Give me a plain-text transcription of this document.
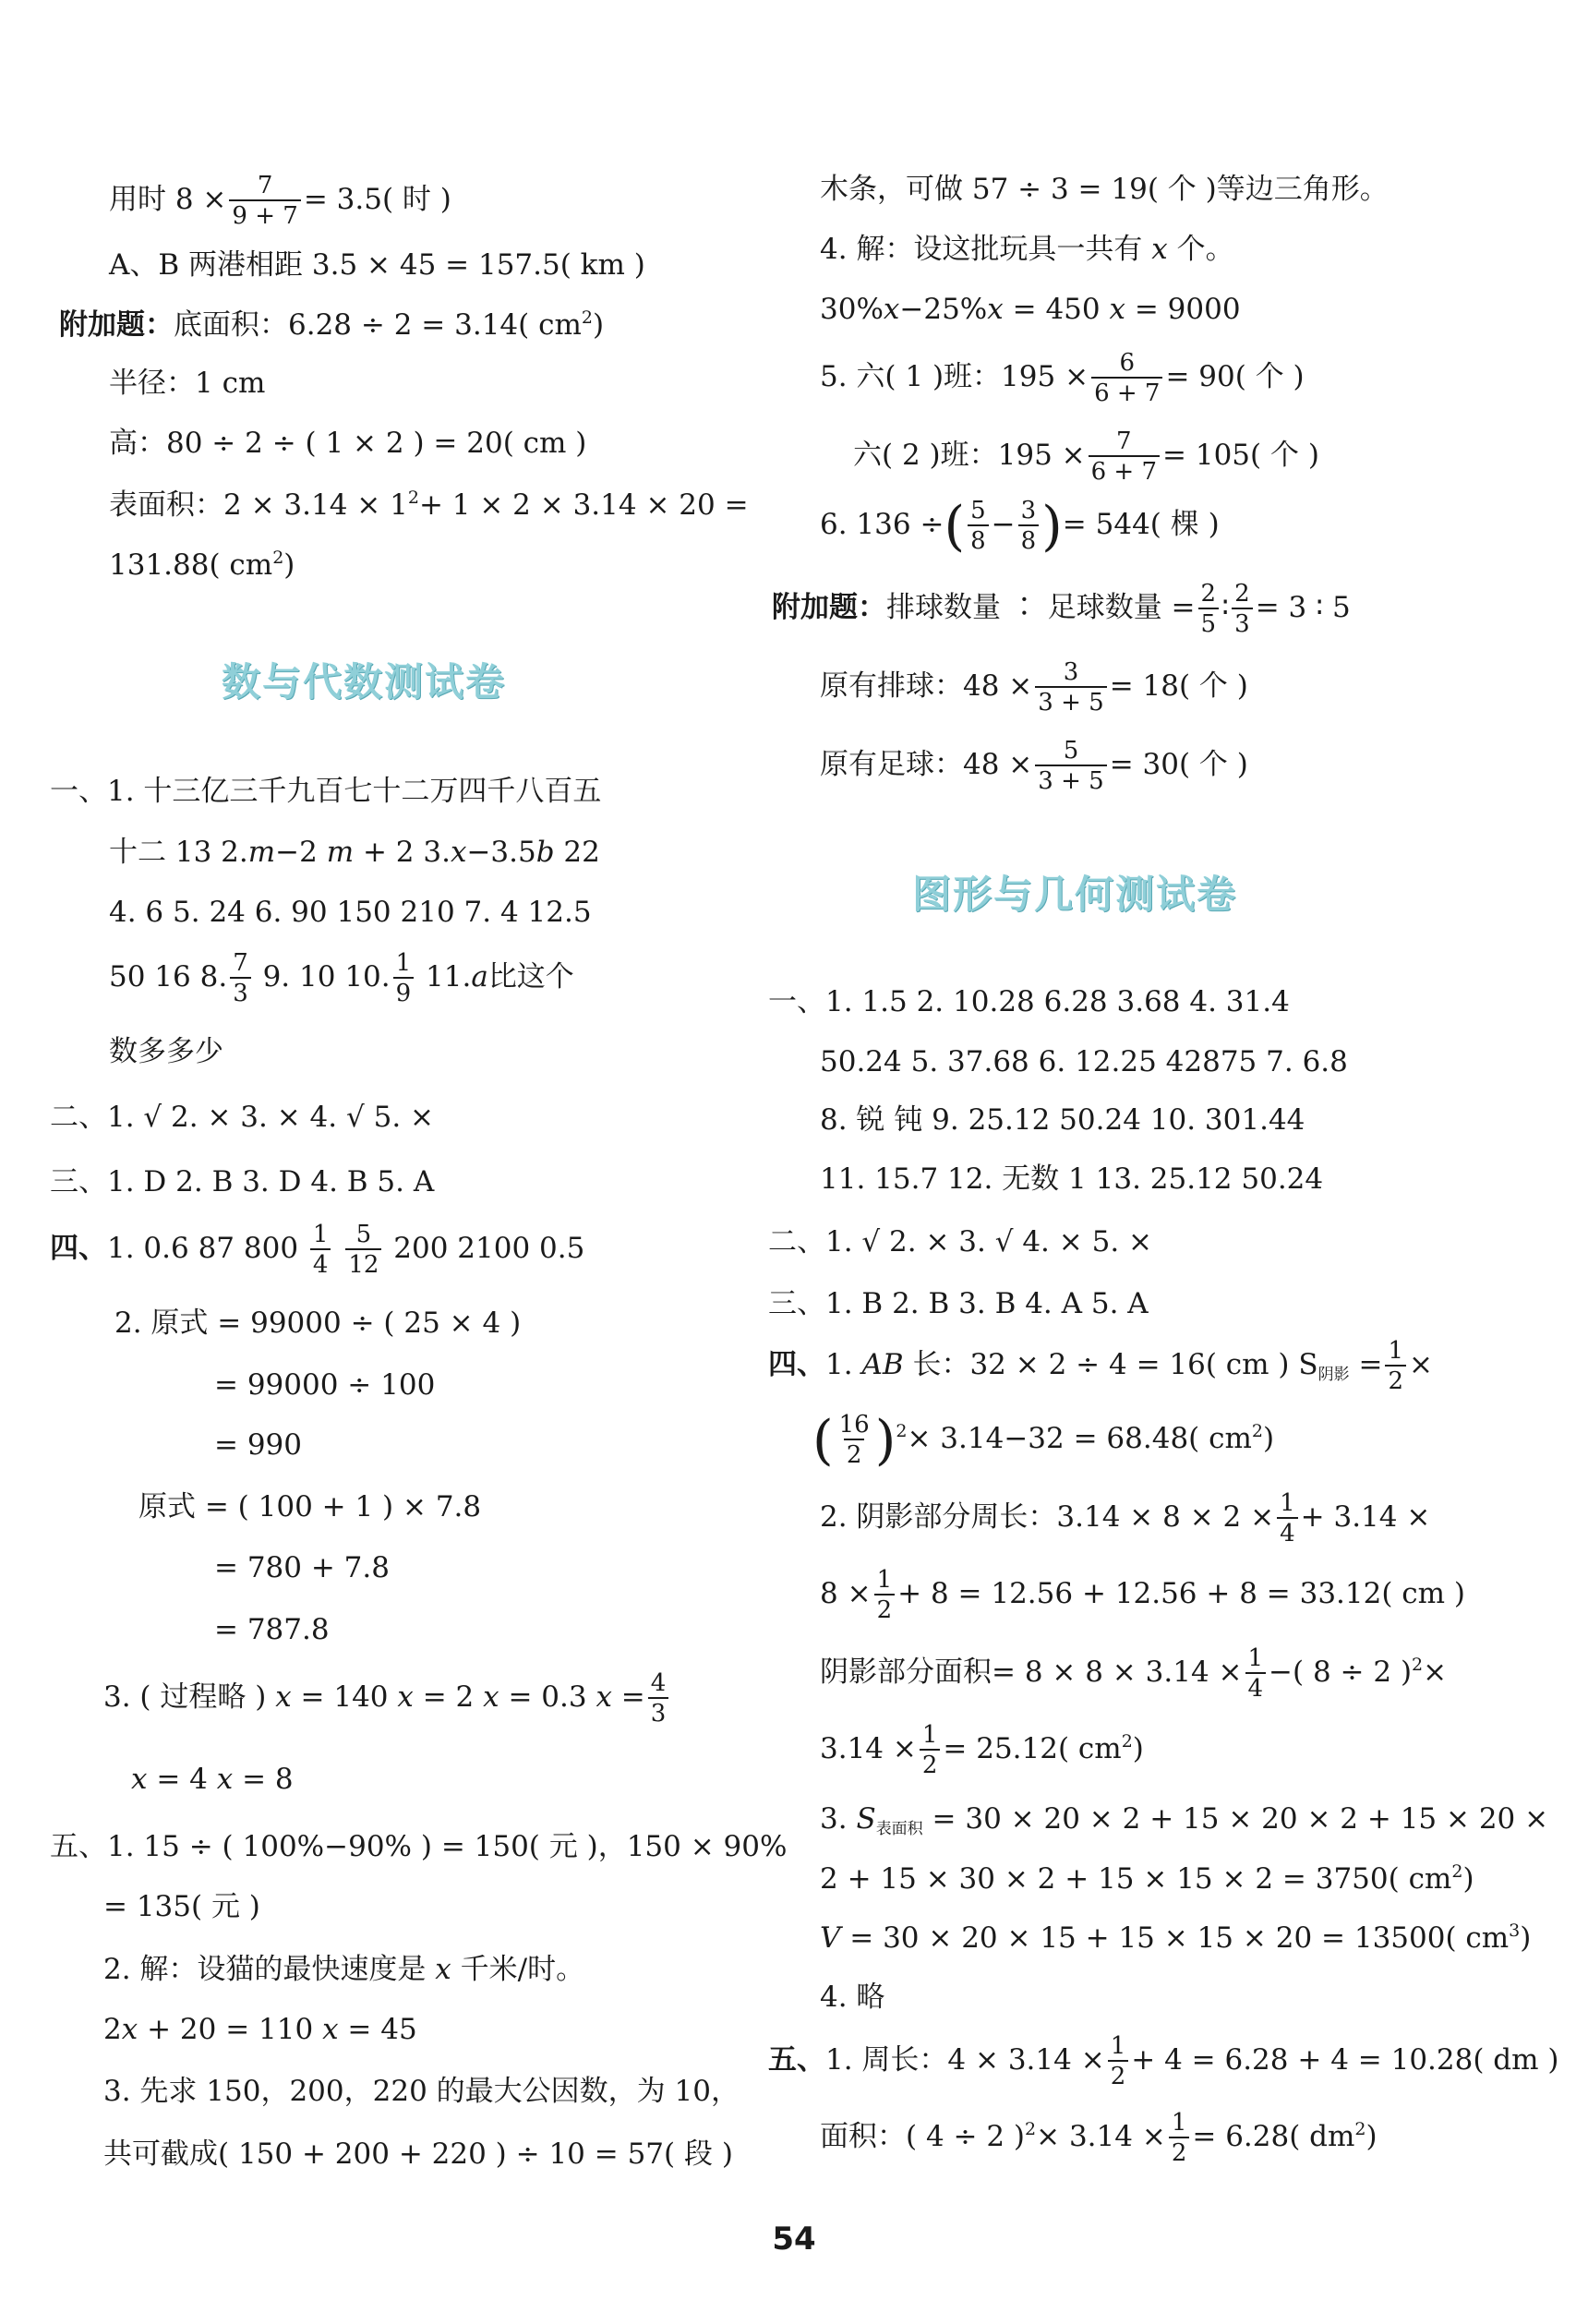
用时 $8 \times \frac{7}{9 + 7} = 3.5$( 时 )
A、B 两港相距 3.5 × 45 = 157.5( km )
附加题：底面积：6.28 ÷ 2 = 3.14( $cm^2$)
半径：1 cm
高：80 ÷ 2 ÷ ( 1 × 2 ) = 20( cm )
表面积：$2 \times 3.14 \times 1^2+ 1 \times 2 \times 3.14 \times 20$ =
131.88( $cm^2$)
数与代数测试卷
一、1. 十三亿三千九百七十二万四千八百五
十二 13 2.m−2 m + 2 3.x−3.5b 22
4. 6 5. 24 6. 90 150 210 7. 4 12.5
50 16 8. $\frac{7}{3} 9$. 10 10. $\frac{1}{9} 11.a$比这个
数多多少
二、1. √ 2. × 3. × 4. √ 5. ×
三、1. D 2. B 3. D 4. B 5. A
四、1. 0.6 87 $800 \frac{1}{4}$
$\frac{5}{12} 200$ 2100 0.5
2. 原式 = 99000 ÷ ( 25 × 4 )
= 99000 ÷ 100
= 990
原式 = ( 100 + 1 ) × 7.8
= 780 + 7.8
= 787.8
3. ( 过程略 ) x = 140 x = 2 x = 0.3 $x = \frac{4}{3}$
x = 4 x = 8
五、1. 15 ÷ ( 100%−90% ) = 150( 元 )，150 × 90%
= 135( 元 )
2. 解：设猫的最快速度是 x 千米/时。
2x + 20 = 110 x = 45
3. 先求 150，200，220 的最大公因数，为 10，
共可截成( 150 + 200 + 220 ) ÷ 10 = 57( 段 )
木条，可做 57 ÷ 3 = 19( 个 )等边三角形。
4. 解：设这批玩具一共有 x 个。
30%x−25%x = 450 x = 9000
5. 六( 1 )班：$195 \times \frac{6}{6 + 7} = 90$( 个 )
六( 2 )班：$195 \times \frac{7}{6 + 7} = 105$( 个 )
6. 136 ÷( $\frac{5}{8} - \frac{3}{8}$ )= 544( 棵 )
附加题：排球数量 ∶ 足球数量 = $\frac{2}{5}$ ∶ $\frac{2}{3} = 3$ ∶ 5
原有排球：$48 \times \frac{3}{3 + 5} = 18$( 个 )
原有足球：$48 \times \frac{5}{3 + 5} = 30$( 个 )
图形与几何测试卷
一、1. 1.5 2. 10.28 6.28 3.68 4. 31.4
50.24 5. 37.68 6. 12.25 42875 7. 6.8
8. 锐 钝 9. 25.12 50.24 10. 301.44
11. 15.7 12. 无数 1 13. 25.12 50.24
二、1. √ 2. × 3. √ 4. × 5. ×
三、1. B 2. B 3. B 4. A 5. A
四、1. AB 长：32 × 2 ÷ 4 = 16( cm ) $S_{阴影} = \frac{1}{2}$ ×
( $\frac{16}{2} )^2\times 3.14-32 = 68.48$( $cm^2$)
2. 阴影部分周长：$3.14 \times 8 \times 2 \times \frac{1}{4} + 3.14$ ×
$8 \times \frac{1}{2} + 8 = 12.56 + 12.56 + 8 = 33.12$( cm )
阴影部分面积= $8 \times 8 \times 3.14 \times \frac{1}{4}$ −( 8 ÷ 2 )$^2$×
$3.14 \times \frac{1}{2} = 25.12$( $cm^2$)
3. $S_{表面积} = 30 \times 20 \times 2 + 15 \times 20 \times 2 + 15 \times 20$ ×
2 + 15 × 30 × 2 + 15 × 15 × 2 = 3750( $cm^2$)
V = 30 × 20 × 15 + 15 × 15 × 20 = 13500( $cm^3$)
4. 略
五、1. 周长：$4 \times 3.14 \times \frac{1}{2} + 4 = 6.28 + 4 = 10.28$( dm )
面积：( 4 ÷ 2 )$^2\times 3.14 \times \frac{1}{2} = 6.28$( $dm^2$)
54
